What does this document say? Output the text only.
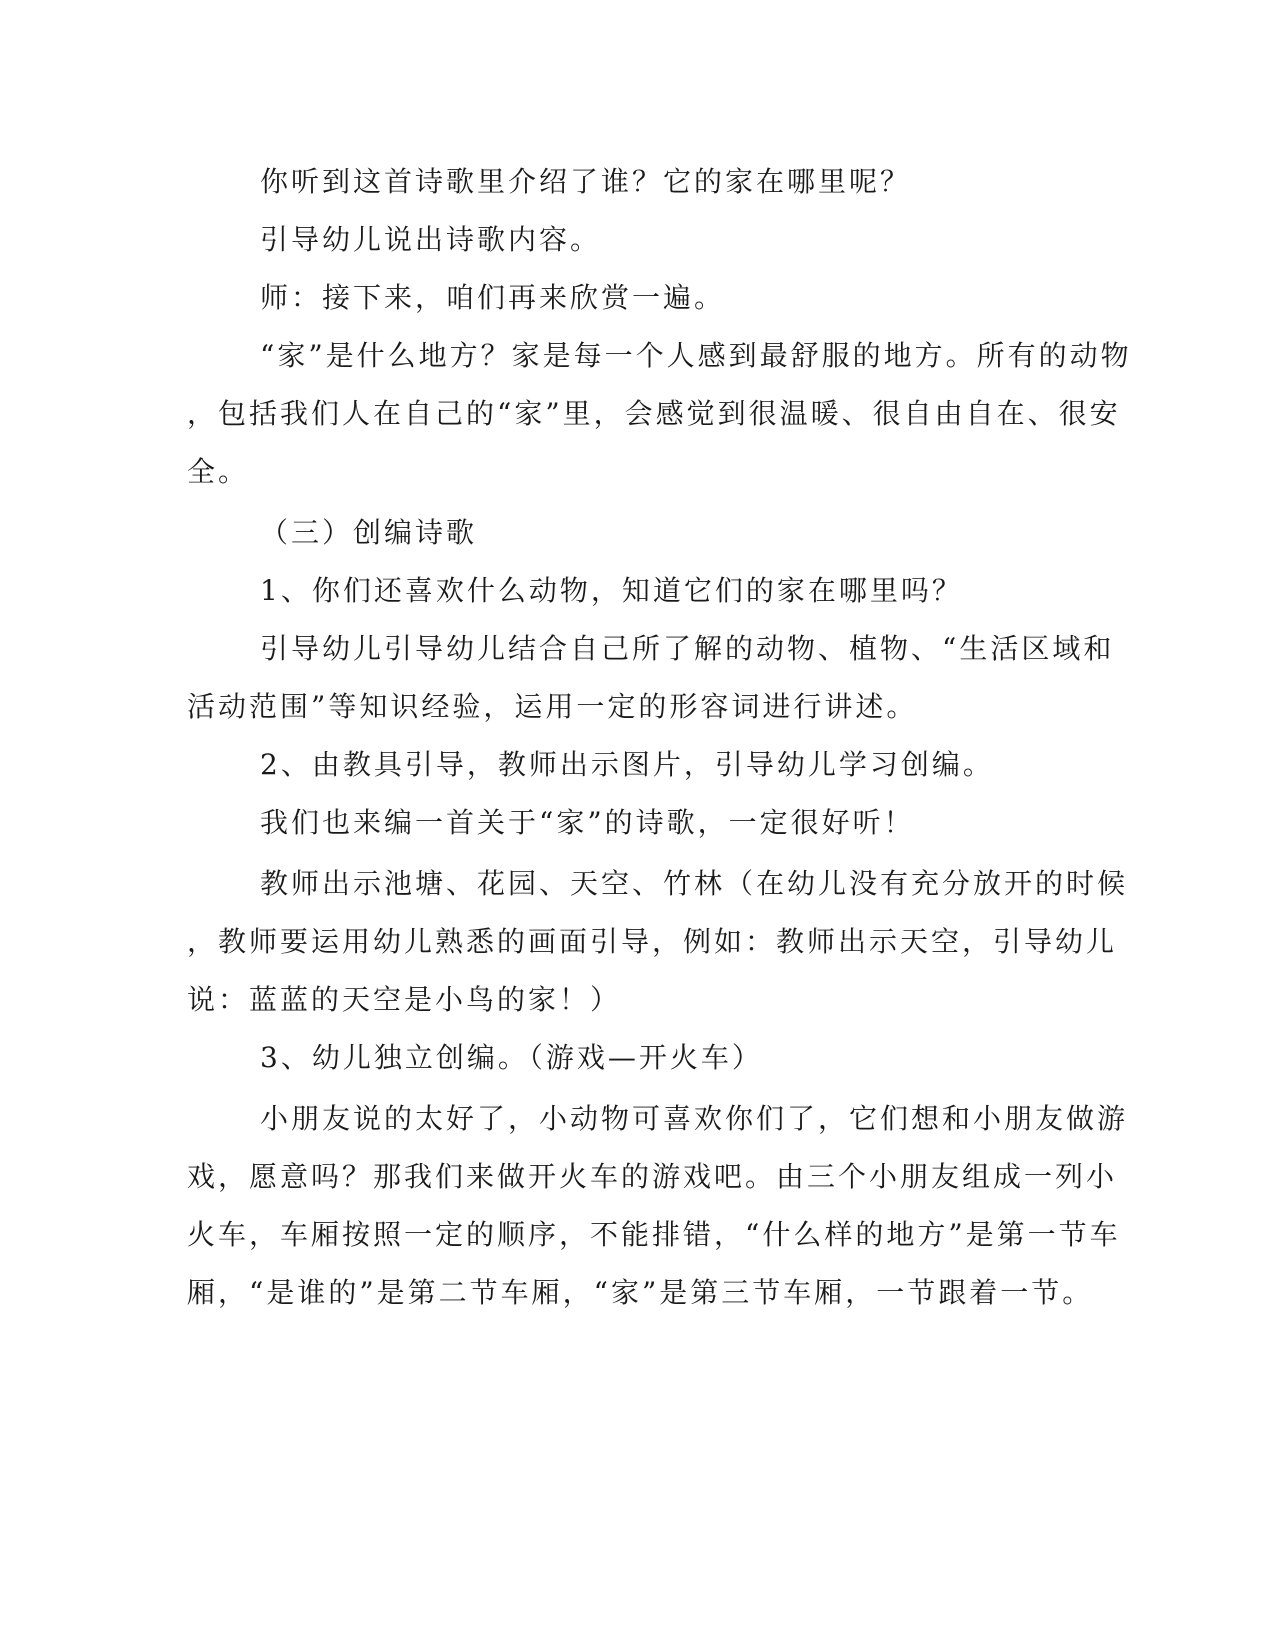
你听到这首诗歌里介绍了谁？它的家在哪里呢？
引导幼儿说出诗歌内容。
师：接下来，咱们再来欣赏一遍。
“家”是什么地方？家是每一个人感到最舒服的地方。所有的动物
，包括我们人在自己的“家”里，会感觉到很温暖、很自由自在、很安
全。
（三）创编诗歌
1、你们还喜欢什么动物，知道它们的家在哪里吗？
引导幼儿引导幼儿结合自己所了解的动物、植物、“生活区域和
活动范围”等知识经验，运用一定的形容词进行讲述。
2、由教具引导，教师出示图片，引导幼儿学习创编。
我们也来编一首关于“家”的诗歌，一定很好听！
教师出示池塘、花园、天空、竹林（在幼儿没有充分放开的时候
，教师要运用幼儿熟悉的画面引导，例如：教师出示天空，引导幼儿
说：蓝蓝的天空是小鸟的家！）
3、幼儿独立创编。（游戏—开火车）
小朋友说的太好了，小动物可喜欢你们了，它们想和小朋友做游
戏，愿意吗？那我们来做开火车的游戏吧。由三个小朋友组成一列小
火车，车厢按照一定的顺序，不能排错，“什么样的地方”是第一节车
厢，“是谁的”是第二节车厢，“家”是第三节车厢，一节跟着一节。
